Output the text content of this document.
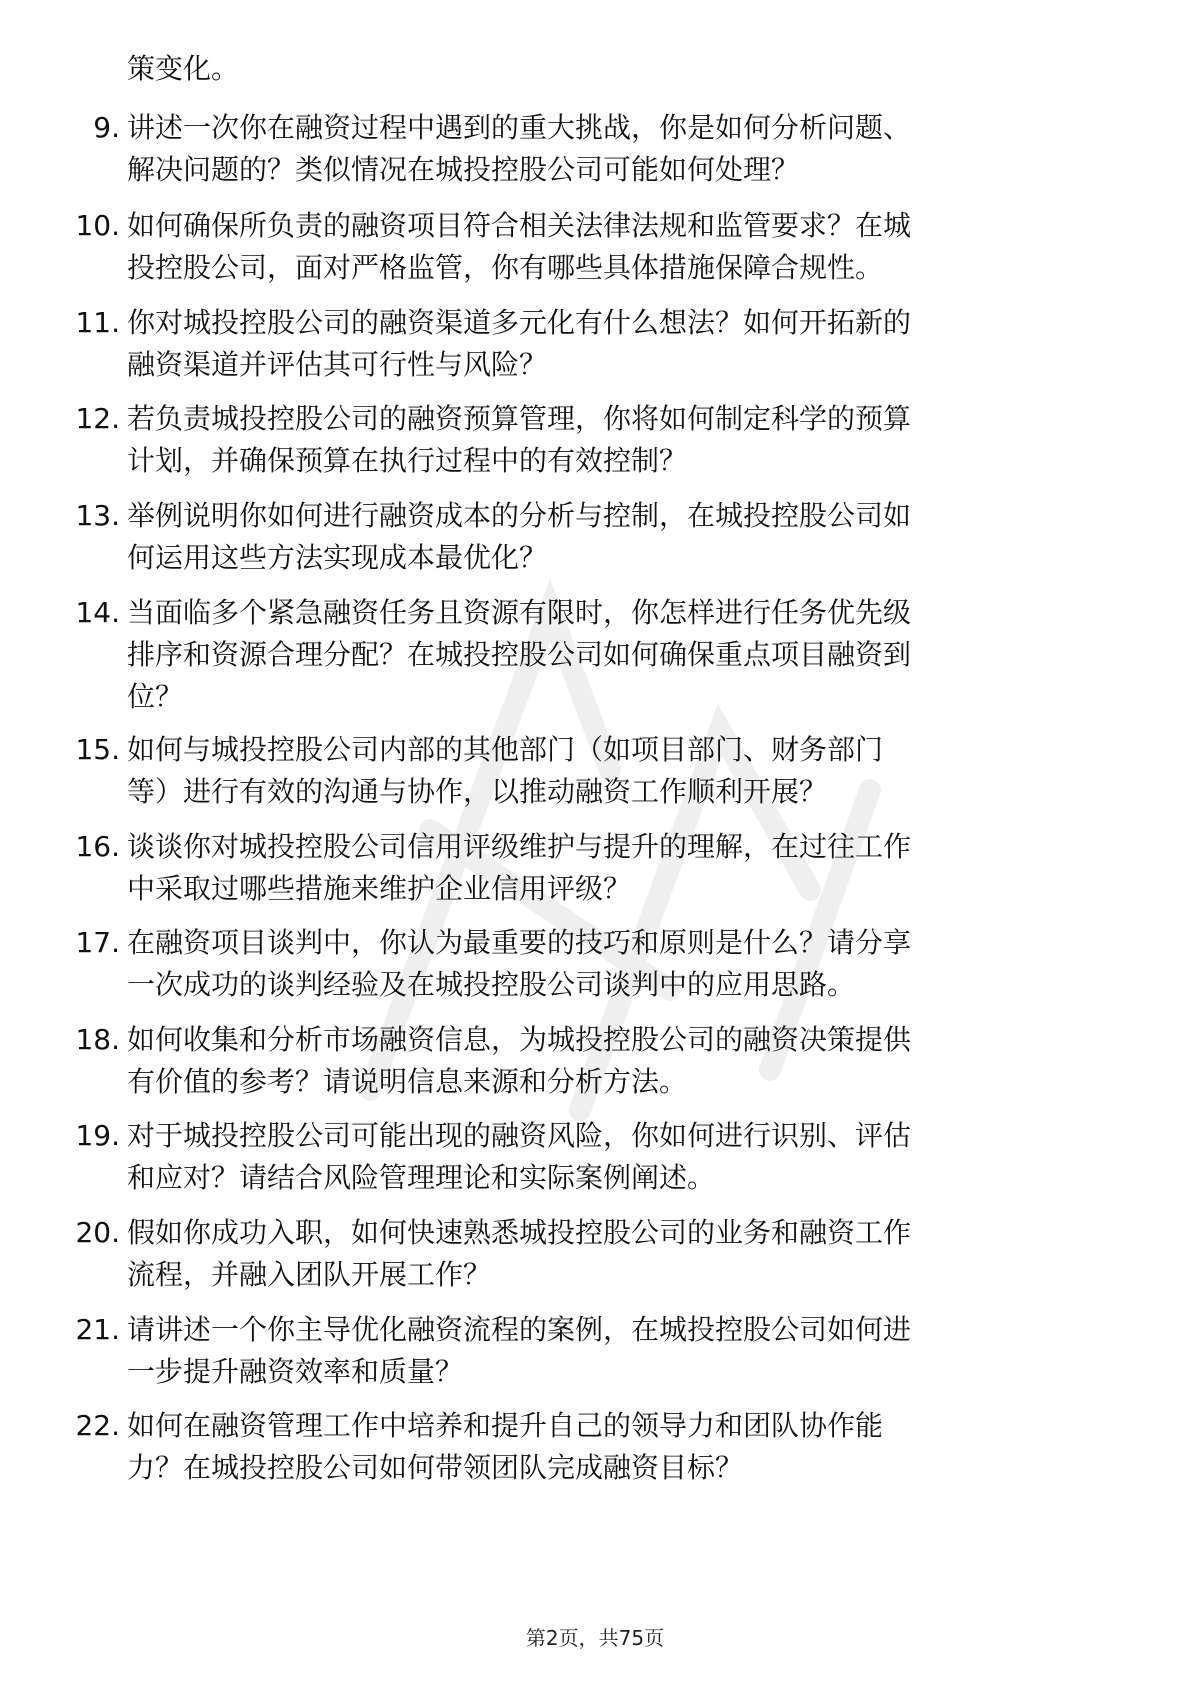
策变化。
9. 讲述一次你在融资过程中遇到的重大挑战，你是如何分析问题、
解决问题的？类似情况在城投控股公司可能如何处理？
10. 如何确保所负责的融资项目符合相关法律法规和监管要求？在城
投控股公司，面对严格监管，你有哪些具体措施保障合规性。
11. 你对城投控股公司的融资渠道多元化有什么想法？如何开拓新的
融资渠道并评估其可行性与风险？
12. 若负责城投控股公司的融资预算管理，你将如何制定科学的预算
计划，并确保预算在执行过程中的有效控制？
13. 举例说明你如何进行融资成本的分析与控制，在城投控股公司如
何运用这些方法实现成本最优化？
14. 当面临多个紧急融资任务且资源有限时，你怎样进行任务优先级
排序和资源合理分配？在城投控股公司如何确保重点项目融资到
位？
15. 如何与城投控股公司内部的其他部门（如项目部门、财务部门
等）进行有效的沟通与协作，以推动融资工作顺利开展？
16. 谈谈你对城投控股公司信用评级维护与提升的理解，在过往工作
中采取过哪些措施来维护企业信用评级？
17. 在融资项目谈判中，你认为最重要的技巧和原则是什么？请分享
一次成功的谈判经验及在城投控股公司谈判中的应用思路。
18. 如何收集和分析市场融资信息，为城投控股公司的融资决策提供
有价值的参考？请说明信息来源和分析方法。
19. 对于城投控股公司可能出现的融资风险，你如何进行识别、评估
和应对？请结合风险管理理论和实际案例阐述。
20. 假如你成功入职，如何快速熟悉城投控股公司的业务和融资工作
流程，并融入团队开展工作？
21. 请讲述一个你主导优化融资流程的案例，在城投控股公司如何进
一步提升融资效率和质量？
22. 如何在融资管理工作中培养和提升自己的领导力和团队协作能
力？在城投控股公司如何带领团队完成融资目标？
第2页，共75页
